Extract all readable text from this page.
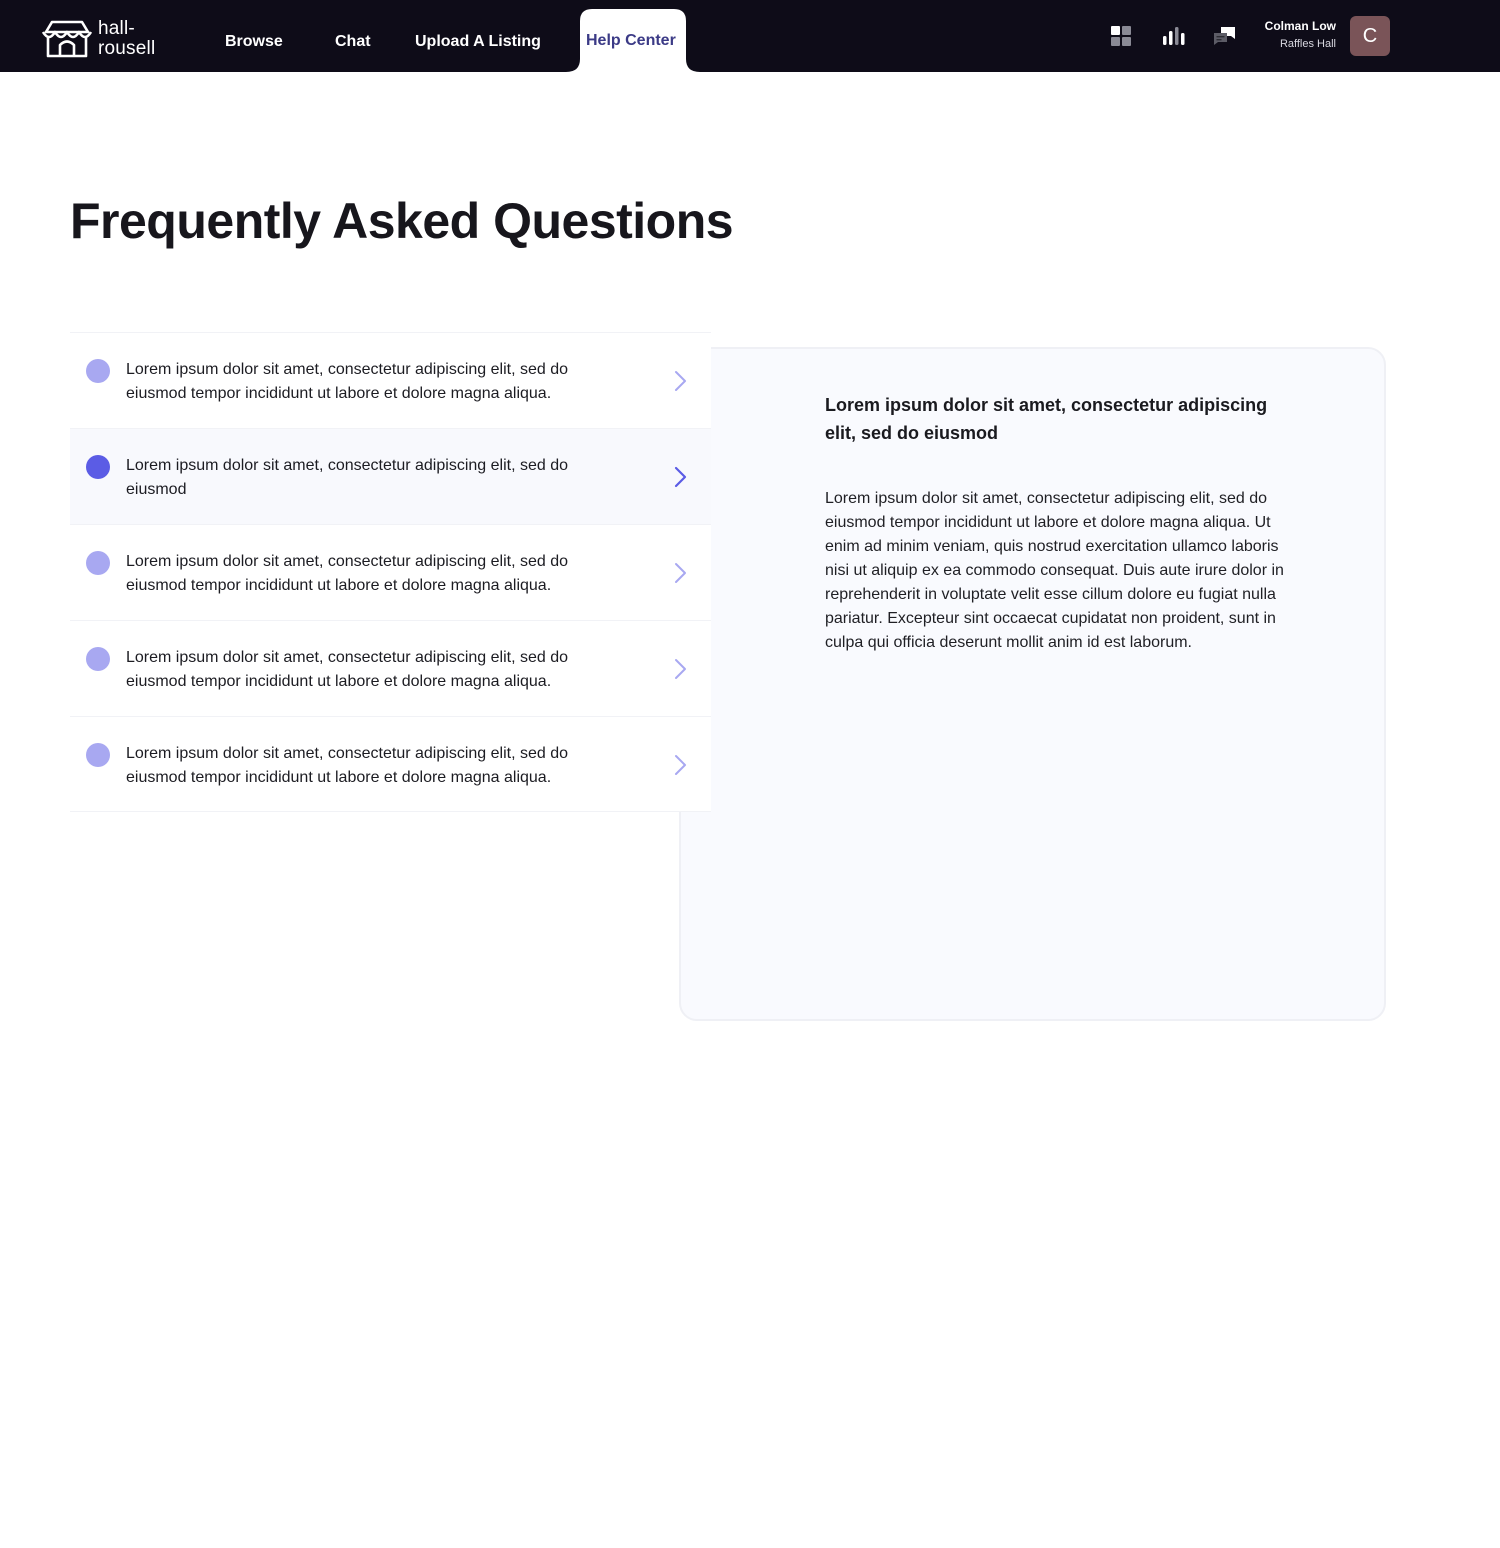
hall-
rousell	Browse	Chat	Upload A Listing	Help Center
Colman Low
Raffles Hall	C
Frequently Asked Questions
Lorem ipsum dolor sit amet, consectetur adipiscing elit, sed do eiusmod
Lorem ipsum dolor sit amet, consectetur adipiscing elit, sed do eiusmod tempor incididunt ut labore et dolore magna aliqua. Ut enim ad minim veniam, quis nostrud exercitation ullamco laboris nisi ut aliquip ex ea commodo consequat. Duis aute irure dolor in reprehenderit in voluptate velit esse cillum dolore eu fugiat nulla pariatur. Excepteur sint occaecat cupidatat non proident, sunt in culpa qui officia deserunt mollit anim id est laborum.
Lorem ipsum dolor sit amet, consectetur adipiscing elit, sed do eiusmod tempor incididunt ut labore et dolore magna aliqua.
Lorem ipsum dolor sit amet, consectetur adipiscing elit, sed do eiusmod
Lorem ipsum dolor sit amet, consectetur adipiscing elit, sed do eiusmod tempor incididunt ut labore et dolore magna aliqua.
Lorem ipsum dolor sit amet, consectetur adipiscing elit, sed do eiusmod tempor incididunt ut labore et dolore magna aliqua.
Lorem ipsum dolor sit amet, consectetur adipiscing elit, sed do eiusmod tempor incididunt ut labore et dolore magna aliqua.
